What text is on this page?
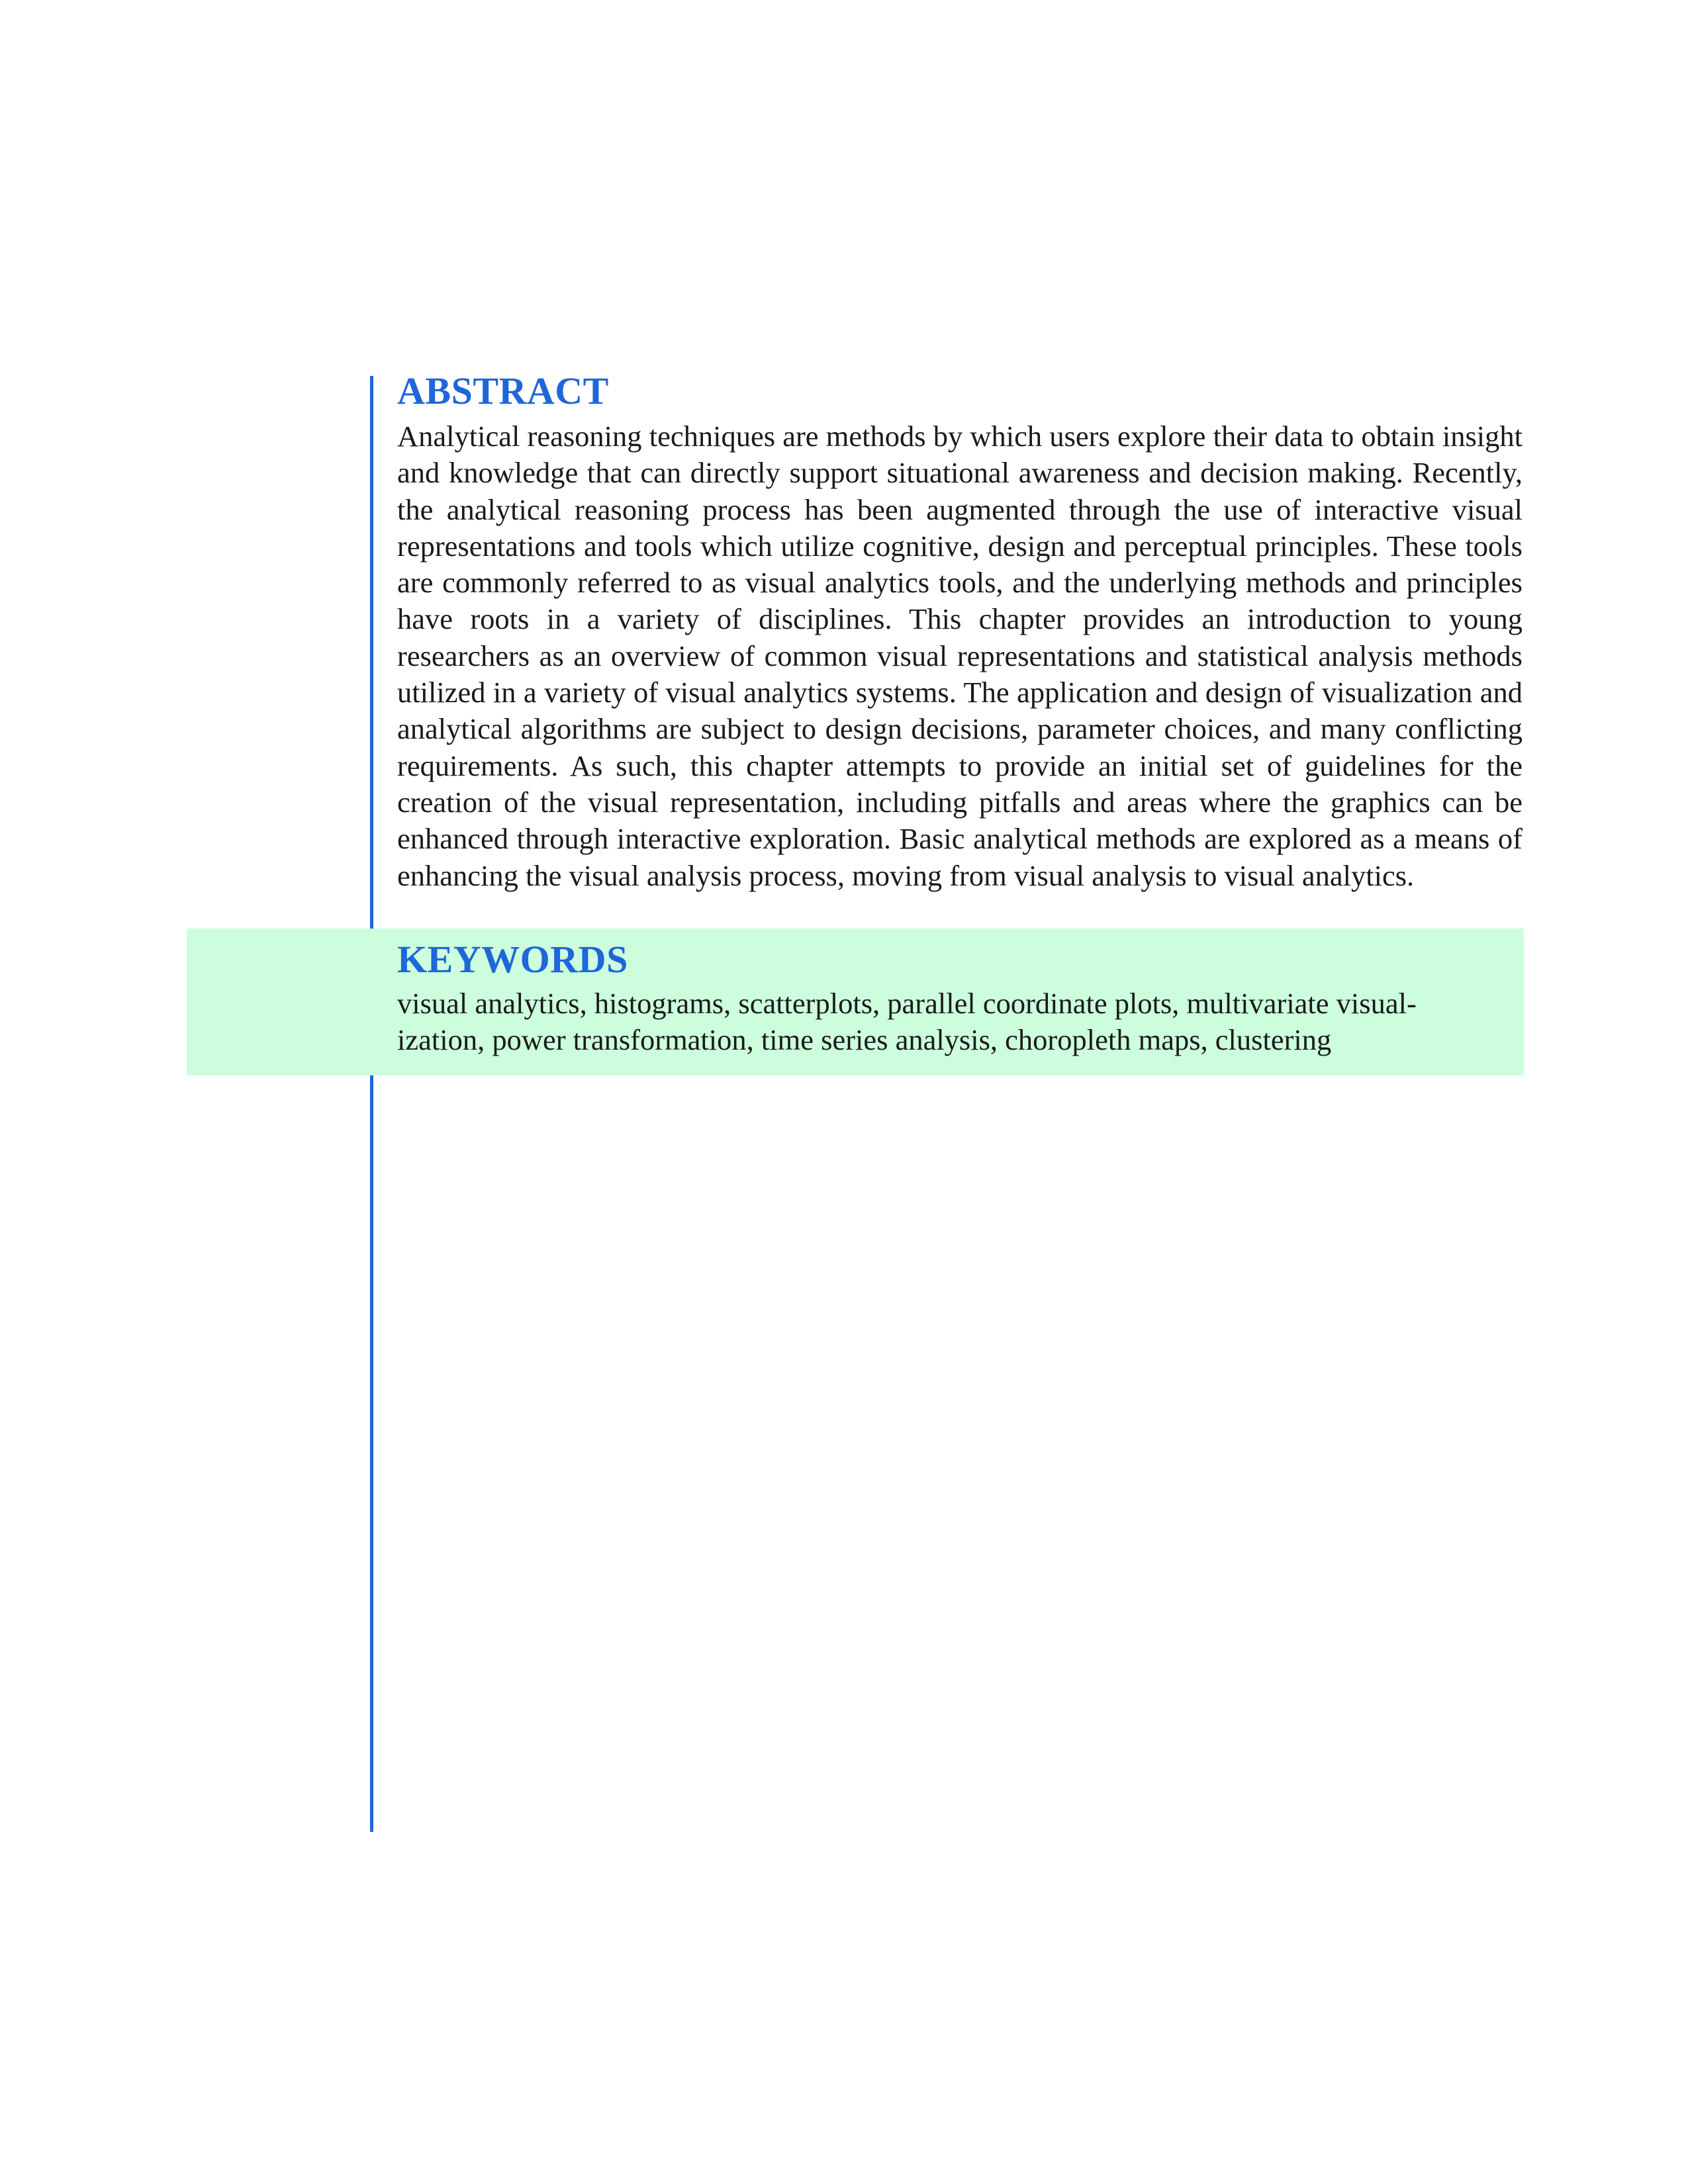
KEYWORDS

visual analytics, histograms, scatterplots, parallel coordinate plots, multivariate visual-ization, power transformation, time series analysis, choropleth maps, clustering

ABSTRACT

Analytical reasoning techniques are methods by which users explore their data to obtain insight and knowledge that can directly support situational awareness and decision making. Recently, the analytical reasoning process has been augmented through the use of interactive visual representations and tools which utilize cognitive, design and perceptual principles. These tools are commonly referred to as visual analytics tools, and the underlying methods and principles have roots in a variety of disciplines. This chapter provides an introduction to young researchers as an overview of common visual representations and statistical analysis methods utilized in a variety of visual analytics systems. The application and design of visualization and analytical algorithms are subject to design decisions, parameter choices, and many conflicting requirements. As such, this chapter attempts to provide an initial set of guidelines for the creation of the visual representation, including pitfalls and areas where the graphics can be enhanced through interactive exploration. Basic analytical methods are explored as a means of enhancing the visual analysis process, moving from visual analysis to visual analytics.
